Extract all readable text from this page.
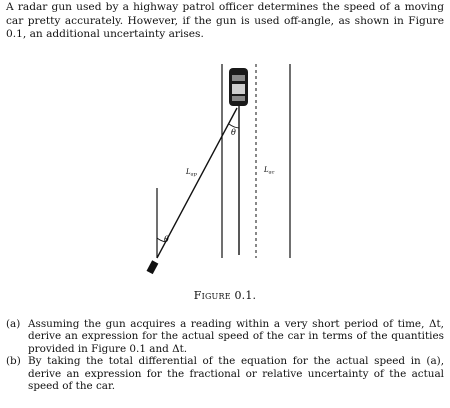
A radar gun used by a highway patrol officer determines the speed of a moving car pretty accurately. However, if the gun is used off-angle, as shown in Figure 0.1, an additional uncertainty arises.

θ
θ
$L_{ap}$
$L_{ac}$
Figure 0.1.
(a) Assuming the gun acquires a reading within a very short period of time, Δt, derive an expression for the actual speed of the car in terms of the quantities provided in Figure 0.1 and Δt.
(b) By taking the total differential of the equation for the actual speed in (a), derive an expression for the fractional or relative uncertainty of the actual speed of the car.
